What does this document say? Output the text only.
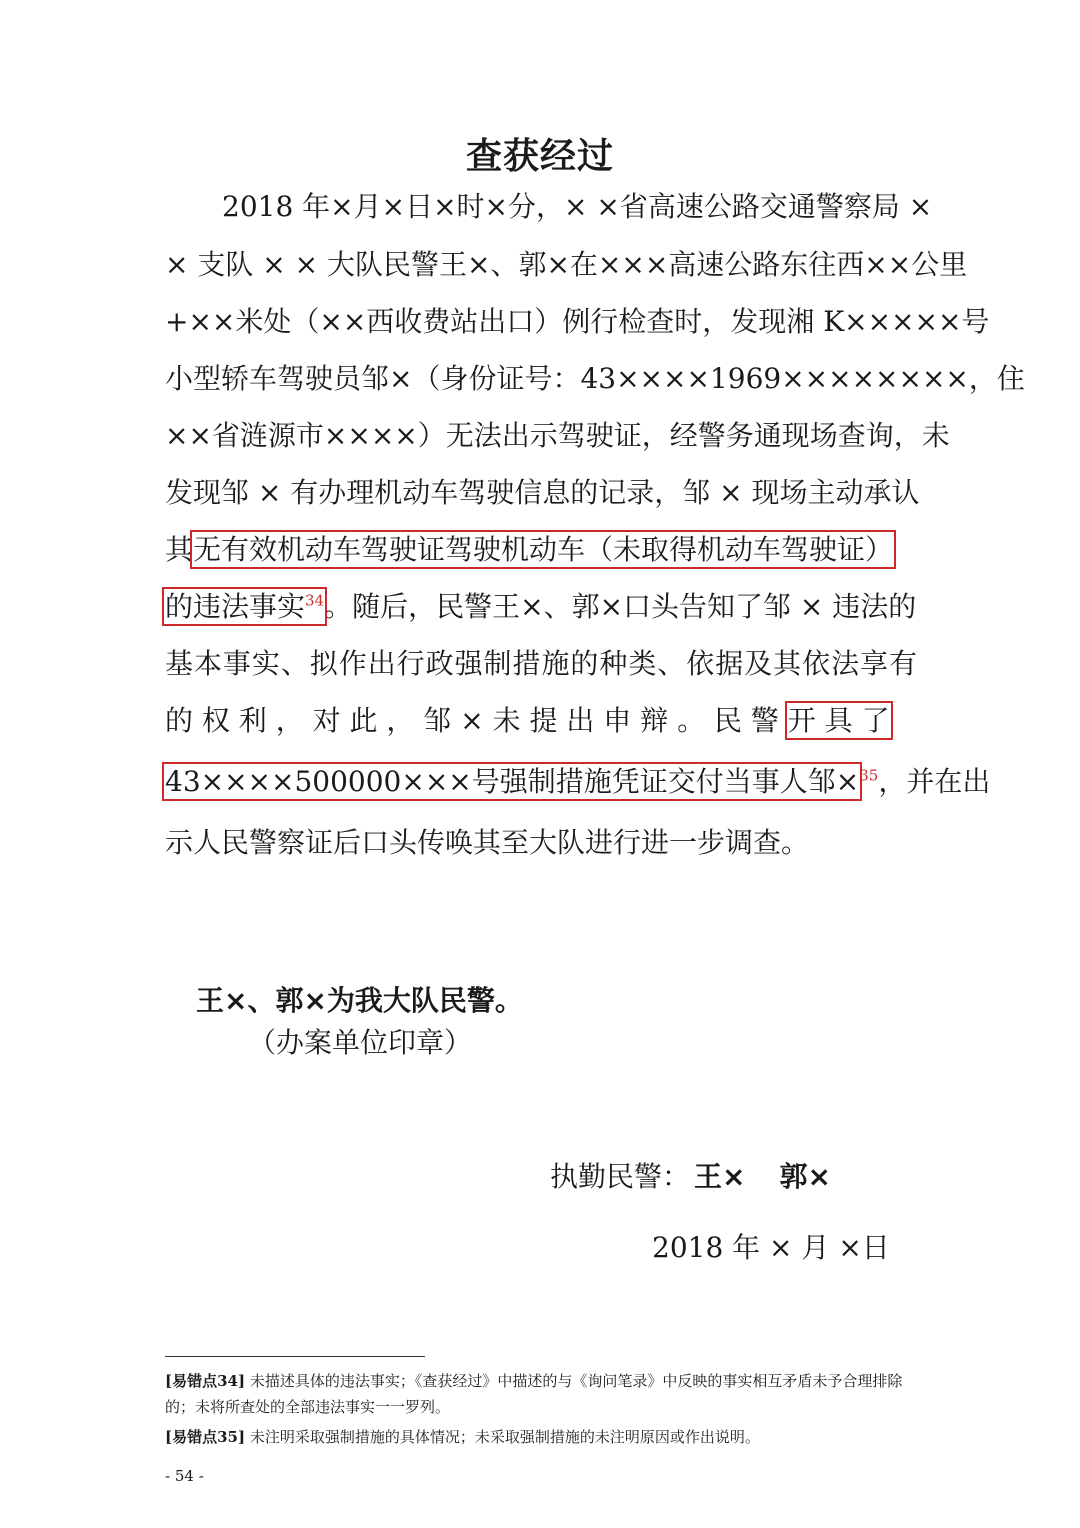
查获经过
2018 年×月×日×时×分，× ×省高速公路交通警察局 ×
× 支队 × × 大队民警王×、郭×在×××高速公路东往西××公里
+××米处（××西收费站出口）例行检查时，发现湘 K×××××号
小型轿车驾驶员邹×（身份证号：43××××1969××××××××，住
××省涟源市××××）无法出示驾驶证，经警务通现场查询，未
发现邹 × 有办理机动车驾驶信息的记录，邹 × 现场主动承认
其无有效机动车驾驶证驾驶机动车（未取得机动车驾驶证）
的违法事实$^{34}$。随后，民警王×、郭×口头告知了邹 × 违法的
基本事实、拟作出行政强制措施的种类、依据及其依法享有
的 权 利 ， 对 此 ， 邹 × 未 提 出 申 辩 。 民 警 开 具 了
43××××500000×××号强制措施凭证交付当事人邹×$^{35}$，并在出
示人民警察证后口头传唤其至大队进行进一步调查。
王×、郭×为我大队民警。
（办案单位印章）
执勤民警： 王× 郭×
2018 年 × 月 ×日
[易错点34] 未描述具体的违法事实；《查获经过》中描述的与《询问笔录》中反映的事实相互矛盾未予合理排除的；未将所查处的全部违法事实一一罗列。
[易错点35] 未注明采取强制措施的具体情况；未采取强制措施的未注明原因或作出说明。
- 54 -
